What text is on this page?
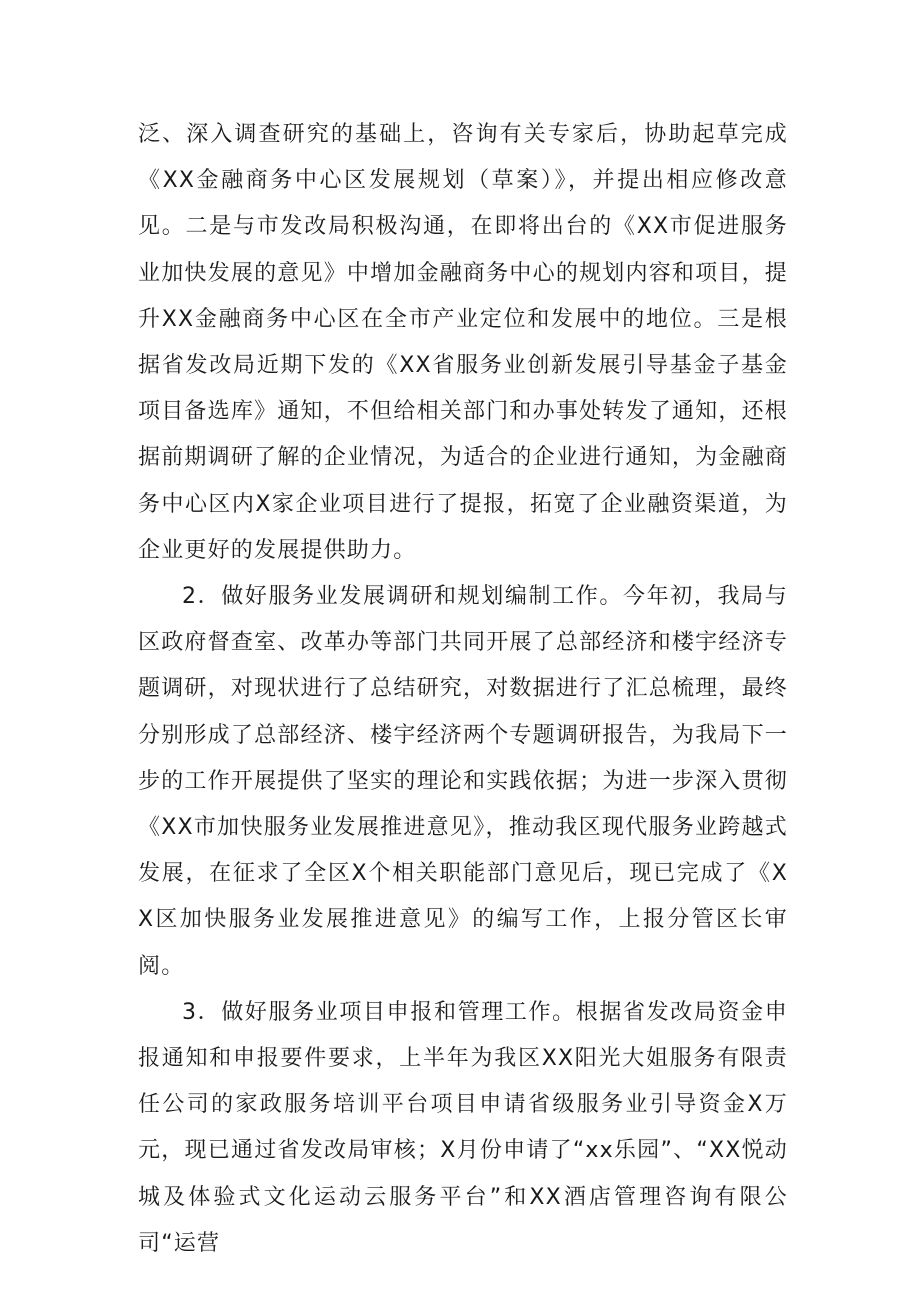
泛、深入调查研究的基础上，咨询有关专家后，协助起草完成《XX金融商务中心区发展规划（草案）》，并提出相应修改意见。二是与市发改局积极沟通，在即将出台的《XX市促进服务业加快发展的意见》中增加金融商务中心的规划内容和项目，提升XX金融商务中心区在全市产业定位和发展中的地位。三是根据省发改局近期下发的《XX省服务业创新发展引导基金子基金项目备选库》通知，不但给相关部门和办事处转发了通知，还根据前期调研了解的企业情况，为适合的企业进行通知，为金融商务中心区内X家企业项目进行了提报，拓宽了企业融资渠道，为企业更好的发展提供助力。

2．做好服务业发展调研和规划编制工作。今年初，我局与区政府督查室、改革办等部门共同开展了总部经济和楼宇经济专题调研，对现状进行了总结研究，对数据进行了汇总梳理，最终分别形成了总部经济、楼宇经济两个专题调研报告，为我局下一步的工作开展提供了坚实的理论和实践依据；为进一步深入贯彻《XX市加快服务业发展推进意见》，推动我区现代服务业跨越式发展，在征求了全区X个相关职能部门意见后，现已完成了《XX区加快服务业发展推进意见》的编写工作，上报分管区长审阅。

3．做好服务业项目申报和管理工作。根据省发改局资金申报通知和申报要件要求，上半年为我区XX阳光大姐服务有限责任公司的家政服务培训平台项目申请省级服务业引导资金X万元，现已通过省发改局审核；X月份申请了“xx乐园”、“XX悦动城及体验式文化运动云服务平台”和XX酒店管理咨询有限公司“运营
